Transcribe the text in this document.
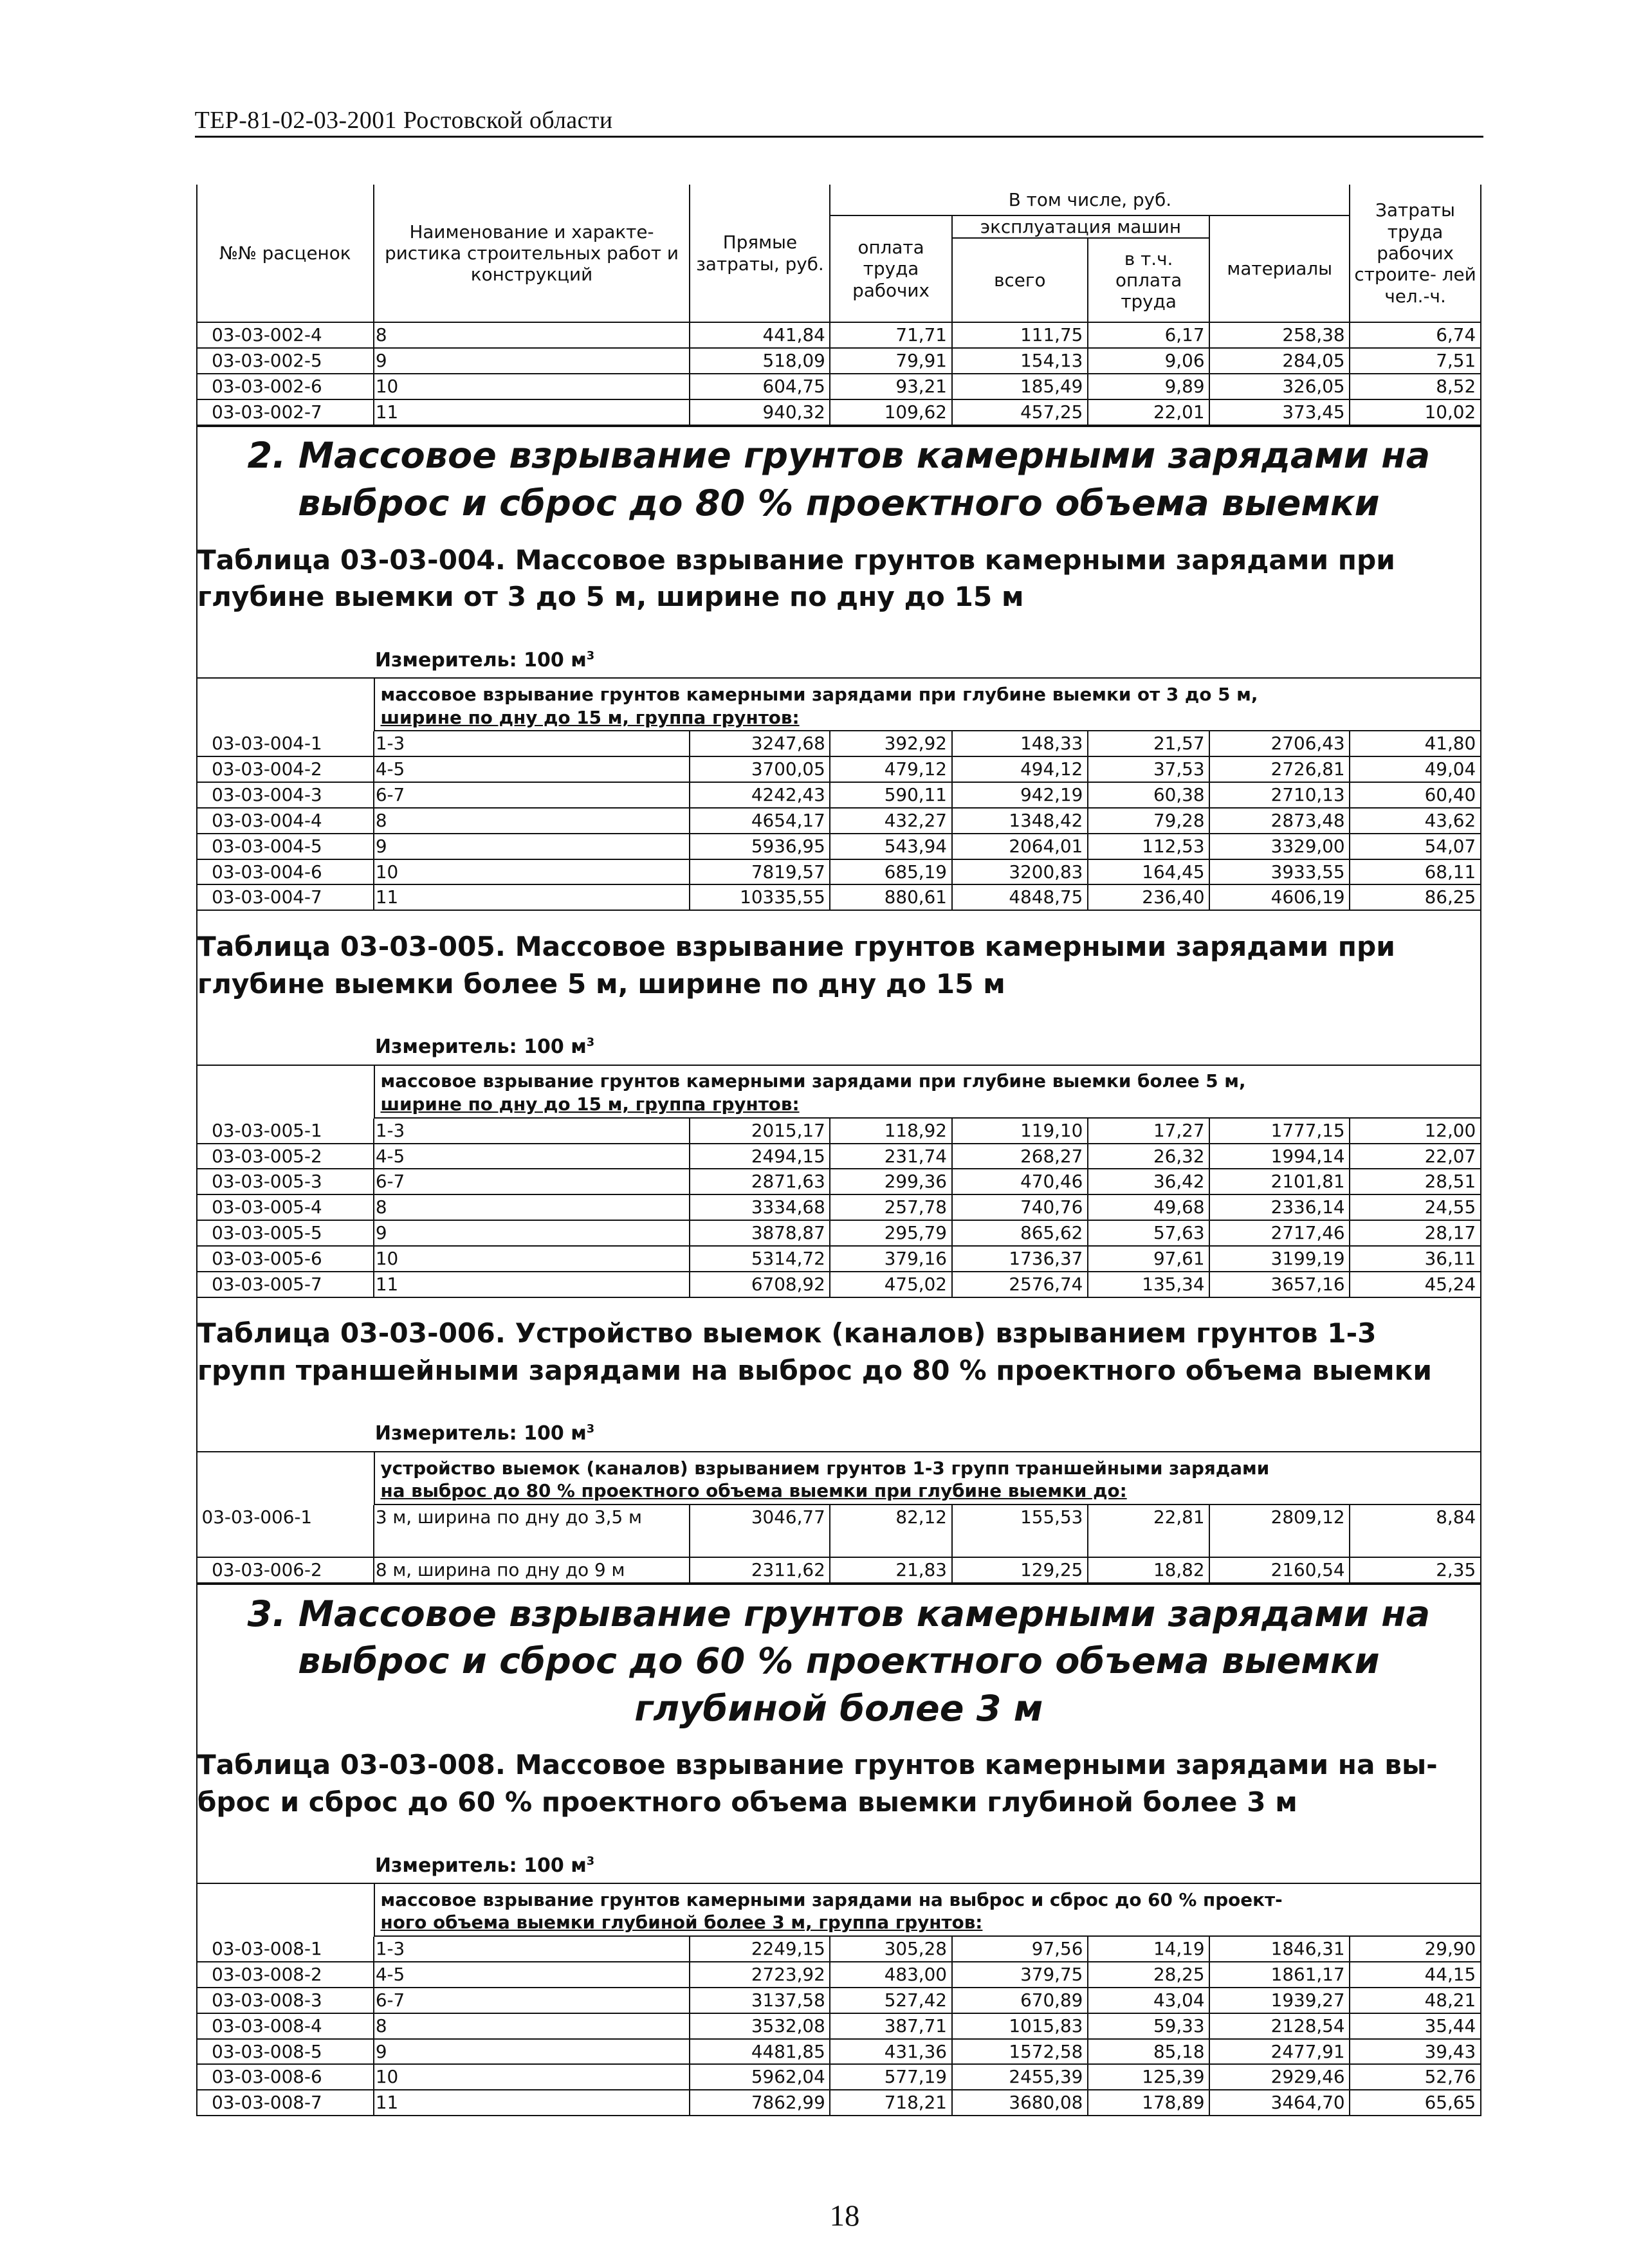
ТЕР-81-02-03-2001 Ростовской области
№№ расценок	Наименование и характе- ристика строительных работ и конструкций	Прямые затраты, руб.	В том числе, руб.				Затраты труда рабочих строите- лей чел.-ч.
			оплата труда рабочих	эксплуатация машин		материалы	
				всего	в т.ч. оплата труда		
03-03-002-4	8	441,84	71,71	111,75	6,17	258,38	6,74
03-03-002-5	9	518,09	79,91	154,13	9,06	284,05	7,51
03-03-002-6	10	604,75	93,21	185,49	9,89	326,05	8,52
03-03-002-7	11	940,32	109,62	457,25	22,01	373,45	10,02
2. Массовое взрывание грунтов камерными зарядами на выброс и сброс до 80 % проектного объема выемки
Таблица 03-03-004. Массовое взрывание грунтов камерными зарядами при глубине выемки от 3 до 5 м, ширине по дну до 15 м
Измеритель: 100 $м^3$
массовое взрывание грунтов камерными зарядами при глубине выемки от 3 до 5 м,
ширине по дну до 15 м, группа грунтов:
03-03-004-1	1-3	3247,68	392,92	148,33	21,57	2706,43	41,80
03-03-004-2	4-5	3700,05	479,12	494,12	37,53	2726,81	49,04
03-03-004-3	6-7	4242,43	590,11	942,19	60,38	2710,13	60,40
03-03-004-4	8	4654,17	432,27	1348,42	79,28	2873,48	43,62
03-03-004-5	9	5936,95	543,94	2064,01	112,53	3329,00	54,07
03-03-004-6	10	7819,57	685,19	3200,83	164,45	3933,55	68,11
03-03-004-7	11	10335,55	880,61	4848,75	236,40	4606,19	86,25
Таблица 03-03-005. Массовое взрывание грунтов камерными зарядами при глубине выемки более 5 м, ширине по дну до 15 м
Измеритель: 100 $м^3$
массовое взрывание грунтов камерными зарядами при глубине выемки более 5 м,
ширине по дну до 15 м, группа грунтов:
03-03-005-1	1-3	2015,17	118,92	119,10	17,27	1777,15	12,00
03-03-005-2	4-5	2494,15	231,74	268,27	26,32	1994,14	22,07
03-03-005-3	6-7	2871,63	299,36	470,46	36,42	2101,81	28,51
03-03-005-4	8	3334,68	257,78	740,76	49,68	2336,14	24,55
03-03-005-5	9	3878,87	295,79	865,62	57,63	2717,46	28,17
03-03-005-6	10	5314,72	379,16	1736,37	97,61	3199,19	36,11
03-03-005-7	11	6708,92	475,02	2576,74	135,34	3657,16	45,24
Таблица 03-03-006. Устройство выемок (каналов) взрыванием грунтов 1-3 групп траншейными зарядами на выброс до 80 % проектного объема выемки
Измеритель: 100 $м^3$
устройство выемок (каналов) взрыванием грунтов 1-3 групп траншейными зарядами
на выброс до 80 % проектного объема выемки при глубине выемки до:
03-03-006-1	3 м, ширина по дну до 3,5 м	3046,77	82,12	155,53	22,81	2809,12	8,84
03-03-006-2	8 м, ширина по дну до 9 м	2311,62	21,83	129,25	18,82	2160,54	2,35
3. Массовое взрывание грунтов камерными зарядами на выброс и сброс до 60 % проектного объема выемки глубиной более 3 м
Таблица 03-03-008. Массовое взрывание грунтов камерными зарядами на вы- брос и сброс до 60 % проектного объема выемки глубиной более 3 м
Измеритель: 100 $м^3$
массовое взрывание грунтов камерными зарядами на выброс и сброс до 60 % проект-
ного объема выемки глубиной более 3 м, группа грунтов:
03-03-008-1	1-3	2249,15	305,28	97,56	14,19	1846,31	29,90
03-03-008-2	4-5	2723,92	483,00	379,75	28,25	1861,17	44,15
03-03-008-3	6-7	3137,58	527,42	670,89	43,04	1939,27	48,21
03-03-008-4	8	3532,08	387,71	1015,83	59,33	2128,54	35,44
03-03-008-5	9	4481,85	431,36	1572,58	85,18	2477,91	39,43
03-03-008-6	10	5962,04	577,19	2455,39	125,39	2929,46	52,76
03-03-008-7	11	7862,99	718,21	3680,08	178,89	3464,70	65,65
18
